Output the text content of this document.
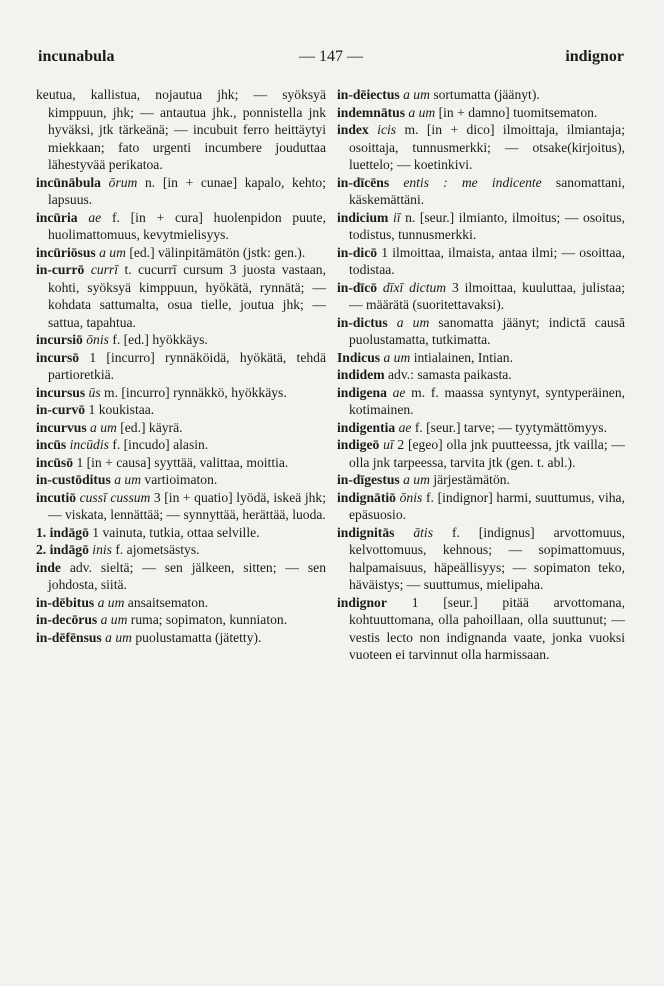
incunabula	— 147 —	indignor
keutua, kallistua, nojautua jhk; — syöksyä kimppuun, jhk; — antautua jhk., ponnistella jnk hyväksi, jtk tärkeänä; — incubuit ferro heittäytyi miekkaan; fato urgenti incumbere jouduttaa lähestyvää perikatoa.
incūnābula ōrum n. [in + cunae] kapalo, kehto; lapsuus.
incūria ae f. [in + cura] huolenpidon puute, huolimattomuus, kevytmielisyys.
incūriōsus a um [ed.] välinpitämätön (jstk: gen.).
in-currō currī t. cucurrī cursum 3 juosta vastaan, kohti, syöksyä kimppuun, hyökätä, rynnätä; — kohdata sattumalta, osua tielle, joutua jhk; — sattua, tapahtua.
incursiō ōnis f. [ed.] hyökkäys.
incursō 1 [incurro] rynnäköidä, hyökätä, tehdä partioretkiä.
incursus ūs m. [incurro] rynnäkkö, hyökkäys.
in-curvō 1 koukistaa.
incurvus a um [ed.] käyrä.
incūs incūdis f. [incudo] alasin.
incūsō 1 [in + causa] syyttää, valittaa, moittia.
in-custōditus a um vartioimaton.
incutiō cussī cussum 3 [in + quatio] lyödä, iskeä jhk; — viskata, lennättää; — synnyttää, herättää, luoda.
1. indāgō 1 vainuta, tutkia, ottaa selville.
2. indāgō inis f. ajometsästys.
inde adv. sieltä; — sen jälkeen, sitten; — sen johdosta, siitä.
in-dēbitus a um ansaitsematon.
in-decōrus a um ruma; sopimaton, kunniaton.
in-dēfēnsus a um puolustamatta (jätetty).
in-dēiectus a um sortumatta (jäänyt).
indemnātus a um [in + damno] tuomitsematon.
index icis m. [in + dico] ilmoittaja, ilmiantaja; osoittaja, tunnusmerkki; — otsake(kirjoitus), luettelo; — koetinkivi.
in-dīcēns entis : me indicente sanomattani, käskemättäni.
indicium iī n. [seur.] ilmianto, ilmoitus; — osoitus, todistus, tunnusmerkki.
in-dicō 1 ilmoittaa, ilmaista, antaa ilmi; — osoittaa, todistaa.
in-dīcō dīxī dictum 3 ilmoittaa, kuuluttaa, julistaa; — määrätä (suoritettavaksi).
in-dictus a um sanomatta jäänyt; indictā causā puolustamatta, tutkimatta.
Indicus a um intialainen, Intian.
indidem adv.: samasta paikasta.
indigena ae m. f. maassa syntynyt, syntyperäinen, kotimainen.
indigentia ae f. [seur.] tarve; — tyytymättömyys.
indigeō uī 2 [egeo] olla jnk puutteessa, jtk vailla; — olla jnk tarpeessa, tarvita jtk (gen. t. abl.).
in-dīgestus a um järjestämätön.
indignātiō ōnis f. [indignor] harmi, suuttumus, viha, epäsuosio.
indignitās ātis f. [indignus] arvottomuus, kelvottomuus, kehnous; — sopimattomuus, halpamaisuus, häpeällisyys; — sopimaton teko, häväistys; — suuttumus, mielipaha.
indignor 1 [seur.] pitää arvottomana, kohtuuttomana, olla pahoillaan, olla suuttunut; — vestis lecto non indignanda vaate, jonka vuoksi vuoteen ei tarvinnut olla harmissaan.
